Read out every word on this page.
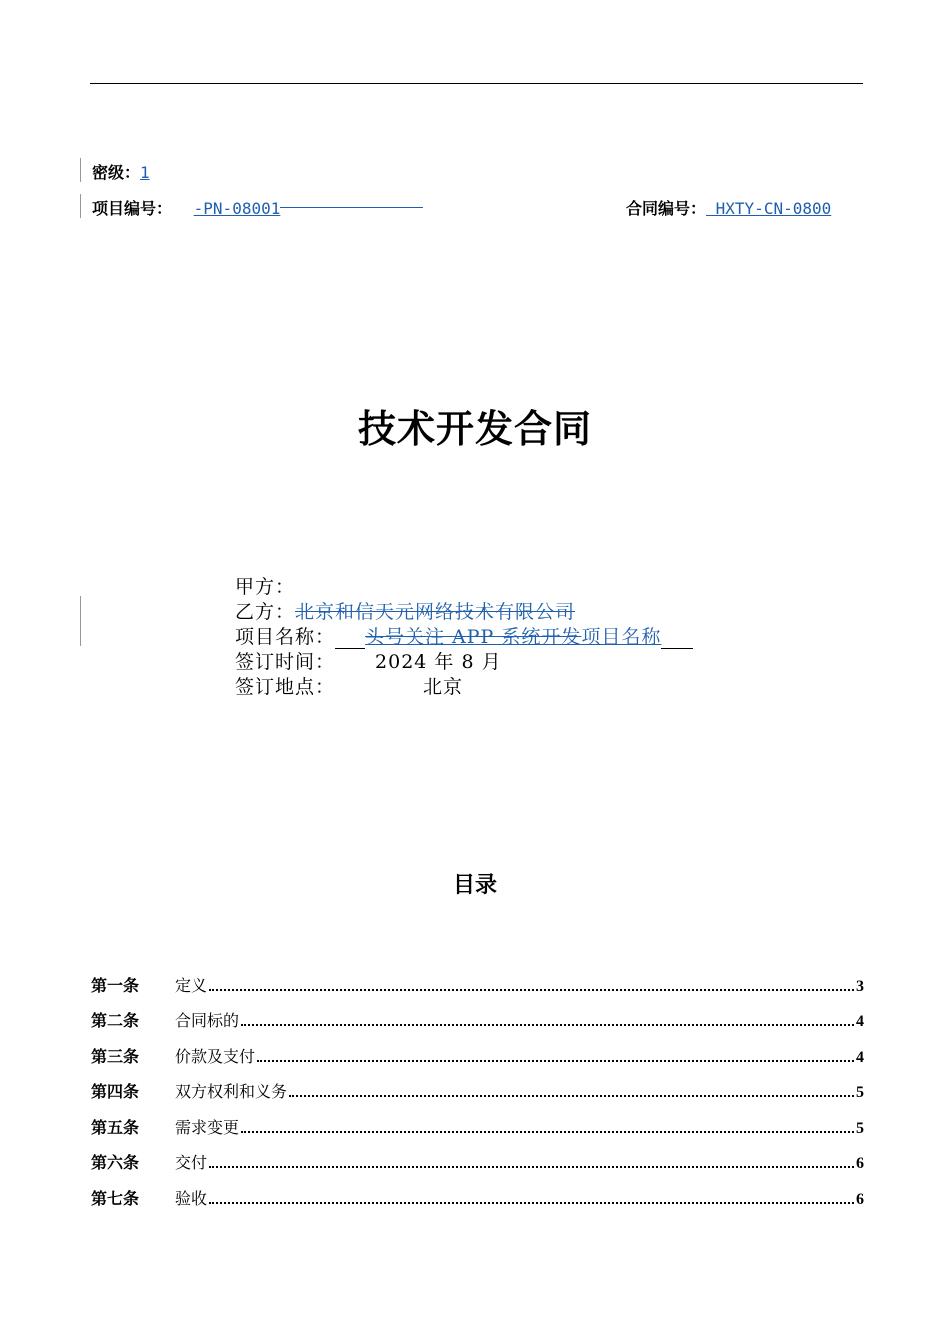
密级：1
项目编号： -PN-08001	合同编号： HXTY-CN-0800
技术开发合同
甲方：
乙方：北京和信天元网络技术有限公司
项目名称： 头号关注 APP 系统开发项目名称
签订时间： 2024 年 8 月
签订地点：	北京
目录
第一条	定义	3
第二条	合同标的	4
第三条	价款及支付	4
第四条	双方权利和义务	5
第五条	需求变更	5
第六条	交付	6
第七条	验收	6
